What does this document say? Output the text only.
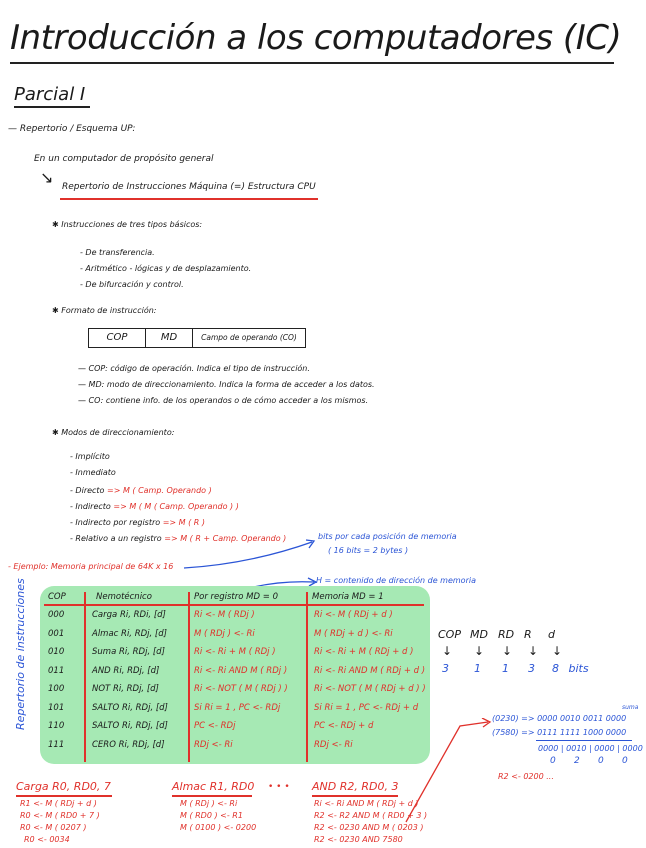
Introducción a los computadores (IC)
Parcial I
— Repertorio / Esquema UP:
En un computador de propósito general
↘ Repertorio de Instrucciones Máquina (=) Estructura CPU
✱ Instrucciones de tres tipos básicos:
- De transferencia.
- Aritmético - lógicas y de desplazamiento.
- De bifurcación y control.
✱ Formato de instrucción:
COP	MD	Campo de operando (CO)
— COP: código de operación. Indica el tipo de instrucción.
— MD: modo de direccionamiento. Indica la forma de acceder a los datos.
— CO: contiene info. de los operandos o de cómo acceder a los mismos.
✱ Modos de direccionamiento:
- Implícito
- Inmediato
- Directo => M ( Camp. Operando )
- Indirecto => M ( M ( Camp. Operando ) )
- Indirecto por registro => M ( R )
- Relativo a un registro => M ( R + Camp. Operando )	bits por cada posición de memoria
( 16 bits = 2 bytes )
- Ejemplo: Memoria principal de 64K x 16
H = contenido de dirección de memoria
Repertorio de instrucciones COP	Nemotécnico	Por registro MD = 0	Memoria MD = 1
000	Carga Ri, RDi, [d]	Ri <- M ( RDj )	Ri <- M ( RDj + d )
001	Almac Ri, RDj, [d]	M ( RDj ) <- Ri	M ( RDj + d ) <- Ri
010	Suma Ri, RDj, [d]	Ri <- Ri + M ( RDj )	Ri <- Ri + M ( RDj + d )
011	AND Ri, RDj, [d]	Ri <- Ri AND M ( RDj )	Ri <- Ri AND M ( RDj + d )
100	NOT Ri, RDj, [d]	Ri <- NOT ( M ( RDj ) )	Ri <- NOT ( M ( RDj + d ) )
101	SALTO Ri, RDj, [d]	Si Ri = 1 , PC <- RDj	Si Ri = 1 , PC <- RDj + d
110	SALTO Ri, RDj, [d]	PC <- RDj	PC <- RDj + d
111	CERO Ri, RDj, [d]	RDj <- Ri	RDj <- Ri
COP MD RD R d
↓ ↓ ↓ ↓ ↓
3 1 1 3 8 bits
(0230) => 0000 0010 0011 0000
(7580) => 0111 1111 1000 0000
suma
0000 | 0010 | 0000 | 0000
0 2 0 0
R2 <- 0200 ...
Carga R0, RD0, 7
R1 <- M ( RDj + d )
R0 <- M ( RD0 + 7 )
R0 <- M ( 0207 )
R0 <- 0034
Almac R1, RD0
M ( RDj ) <- Ri
M ( RD0 ) <- R1
M ( 0100 ) <- 0200
• • • AND R2, RD0, 3
Ri <- Ri AND M ( RDj + d )
R2 <- R2 AND M ( RD0 + 3 )
R2 <- 0230 AND M ( 0203 )
R2 <- 0230 AND 7580
